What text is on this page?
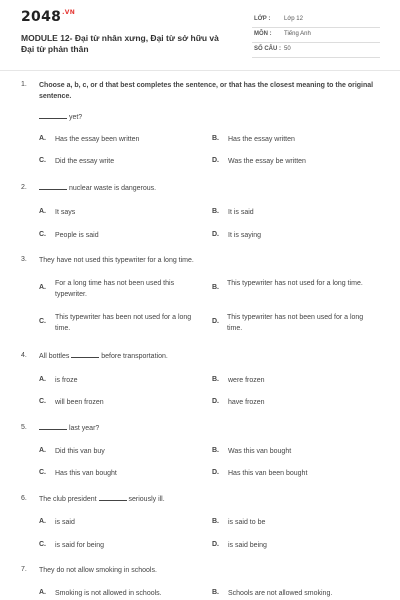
$2048^{.VN}$
MODULE 12- Đại từ nhân xưng, Đại từ sở hữu và Đại từ phản thân
LỚP : Lớp 12
MÔN : Tiếng Anh
SỐ CÂU : 50
1. Choose a, b, c, or d that best completes the sentence, or that has the closest meaning to the original sentence.
yet?
A. Has the essay been written	B. Has the essay written
C. Did the essay write	D. Was the essay be written
2.	nuclear waste is dangerous.
A. It says	B. It is said
C. People is said	D. It is saying
3. They have not used this typewriter for a long time.
A.
For a long time has not been used this typewriter.
B.
This typewriter has not used for a long time.
C.
This typewriter has been not used for a long time.
D.
This typewriter has not been used for a long time.
4. All bottles	before transportation.
A. is froze	B. were frozen
C. will been frozen	D. have frozen
5.	last year?
A. Did this van buy	B. Was this van bought
C. Has this van bought	D. Has this van been bought
6. The club president	seriously ill.
A. is said	B. is said to be
C. is said for being	D. is said being
7. They do not allow smoking in schools.
A. Smoking is not allowed in schools.	B. Schools are not allowed smoking.
